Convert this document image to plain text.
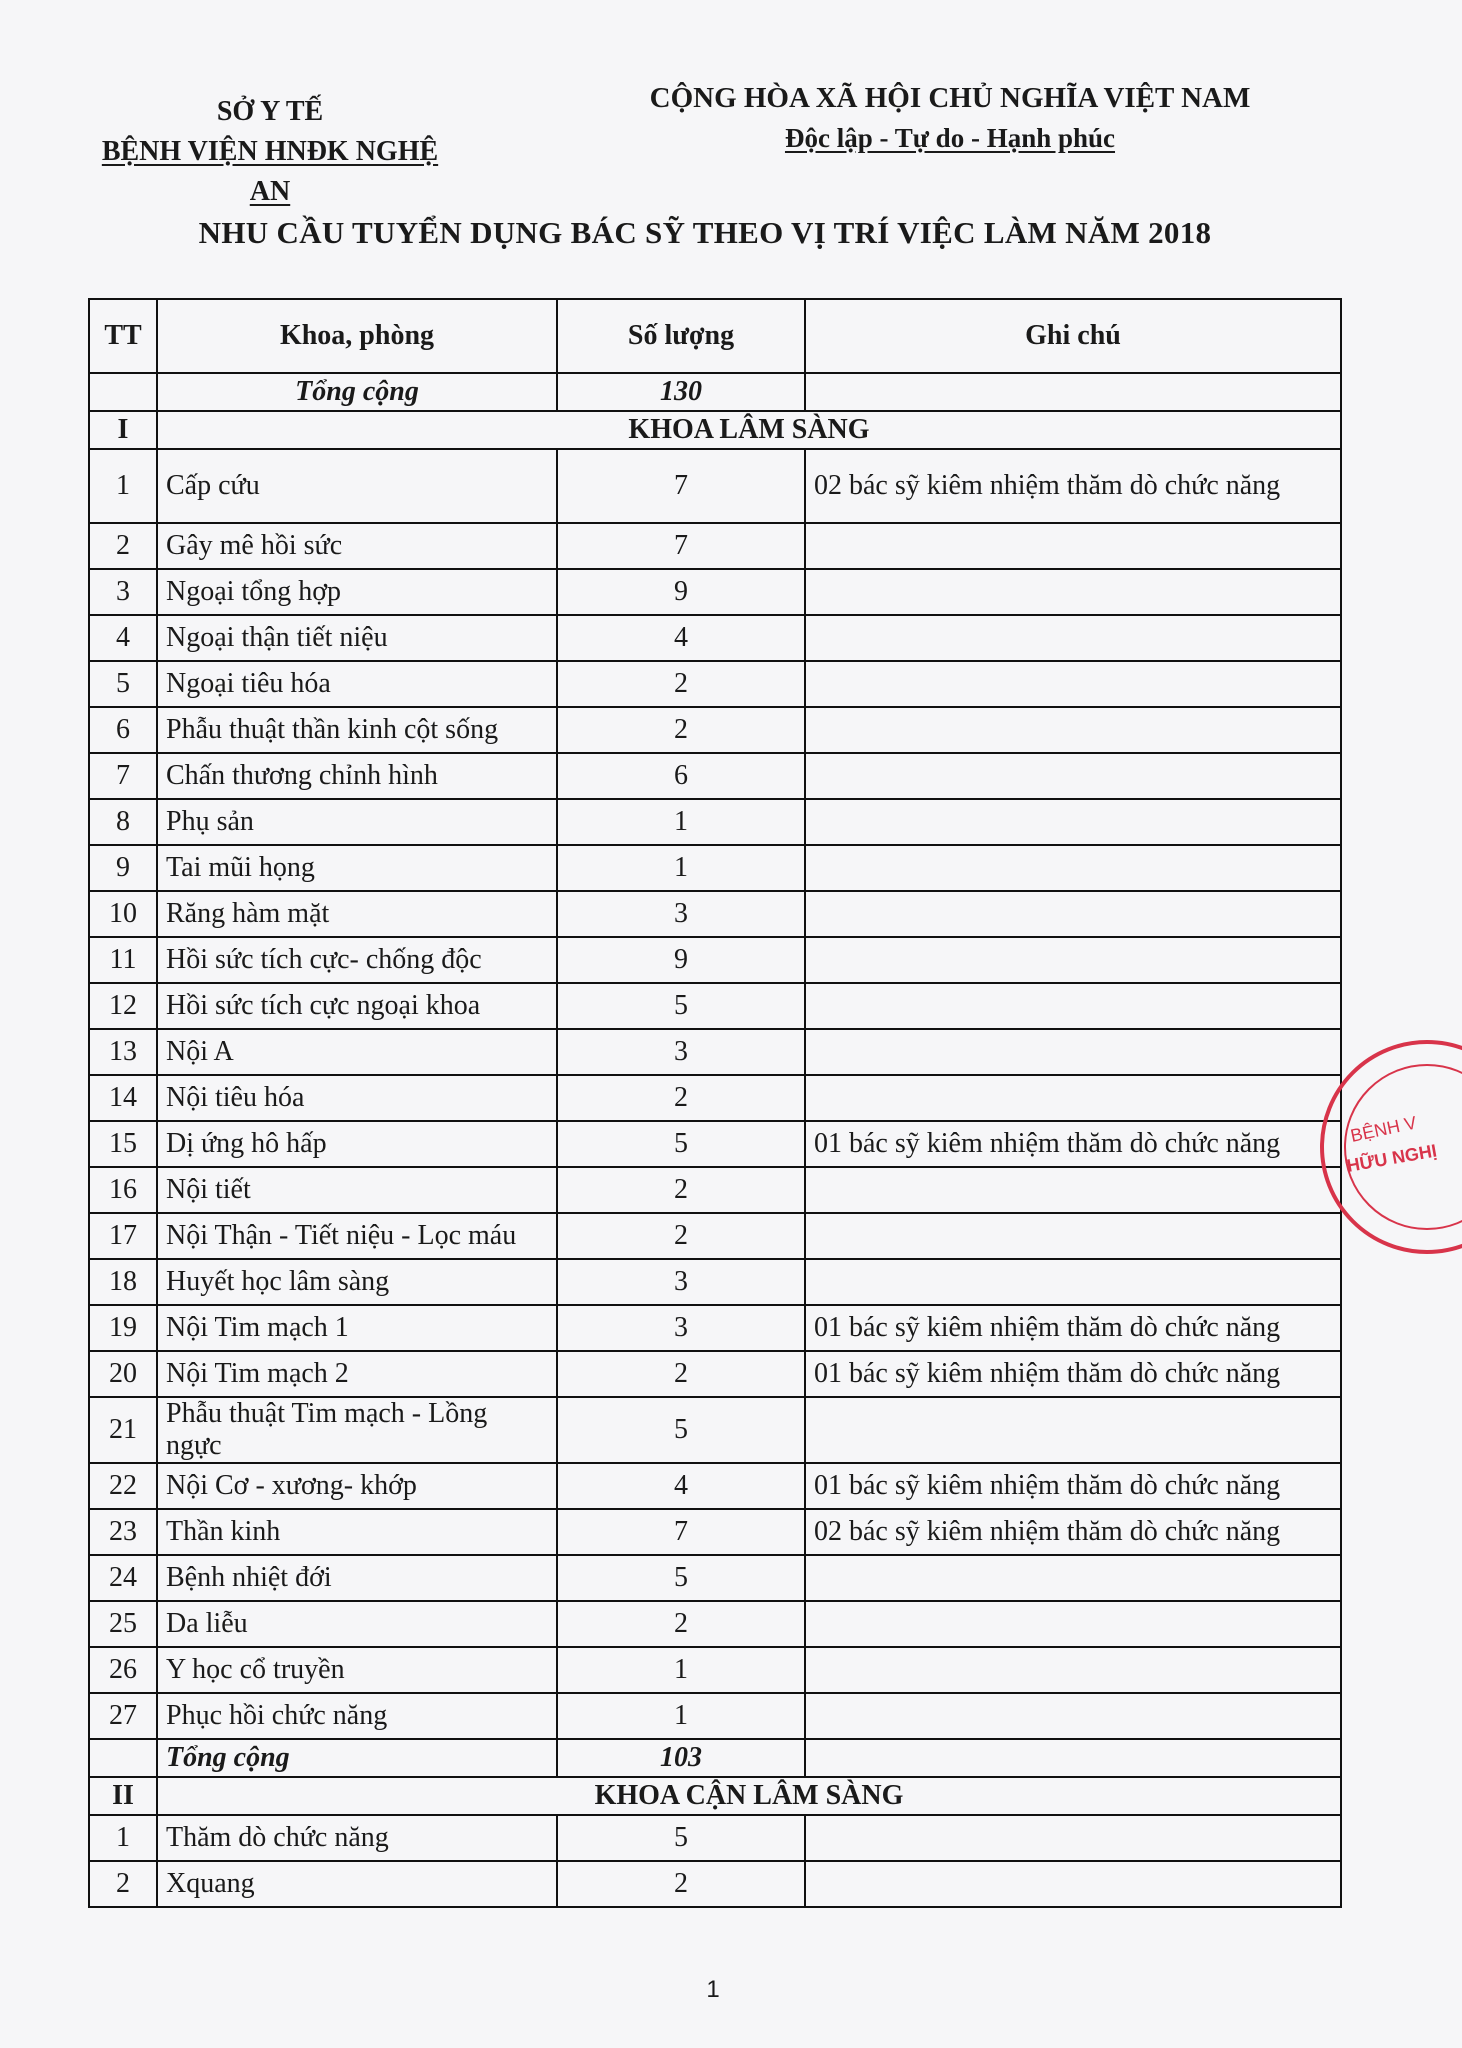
SỞ Y TẾ
BỆNH VIỆN HNĐK NGHỆ AN
CỘNG HÒA XÃ HỘI CHỦ NGHĨA VIỆT NAM
Độc lập - Tự do - Hạnh phúc
NHU CẦU TUYỂN DỤNG BÁC SỸ THEO VỊ TRÍ VIỆC LÀM NĂM 2018
TT	Khoa, phòng	Số lượng	Ghi chú
	Tổng cộng	130	
I	KHOA LÂM SÀNG		
1	Cấp cứu	7	02 bác sỹ kiêm nhiệm thăm dò chức năng
2	Gây mê hồi sức	7	
3	Ngoại tổng hợp	9	
4	Ngoại thận tiết niệu	4	
5	Ngoại tiêu hóa	2	
6	Phẫu thuật thần kinh cột sống	2	
7	Chấn thương chỉnh hình	6	
8	Phụ sản	1	
9	Tai mũi họng	1	
10	Răng hàm mặt	3	
11	Hồi sức tích cực- chống độc	9	
12	Hồi sức tích cực ngoại khoa	5	
13	Nội A	3	
14	Nội tiêu hóa	2	
15	Dị ứng hô hấp	5	01 bác sỹ kiêm nhiệm thăm dò chức năng
16	Nội tiết	2	
17	Nội Thận - Tiết niệu - Lọc máu	2	
18	Huyết học lâm sàng	3	
19	Nội Tim mạch 1	3	01 bác sỹ kiêm nhiệm thăm dò chức năng
20	Nội Tim mạch 2	2	01 bác sỹ kiêm nhiệm thăm dò chức năng
21	Phẫu thuật Tim mạch - Lồng ngực	5	
22	Nội Cơ - xương- khớp	4	01 bác sỹ kiêm nhiệm thăm dò chức năng
23	Thần kinh	7	02 bác sỹ kiêm nhiệm thăm dò chức năng
24	Bệnh nhiệt đới	5	
25	Da liễu	2	
26	Y học cổ truyền	1	
27	Phục hồi chức năng	1	
	Tổng cộng	103	
II	KHOA CẬN LÂM SÀNG		
1	Thăm dò chức năng	5	
2	Xquang	2	
BỆNH V
HỮU NGHỊ
1
